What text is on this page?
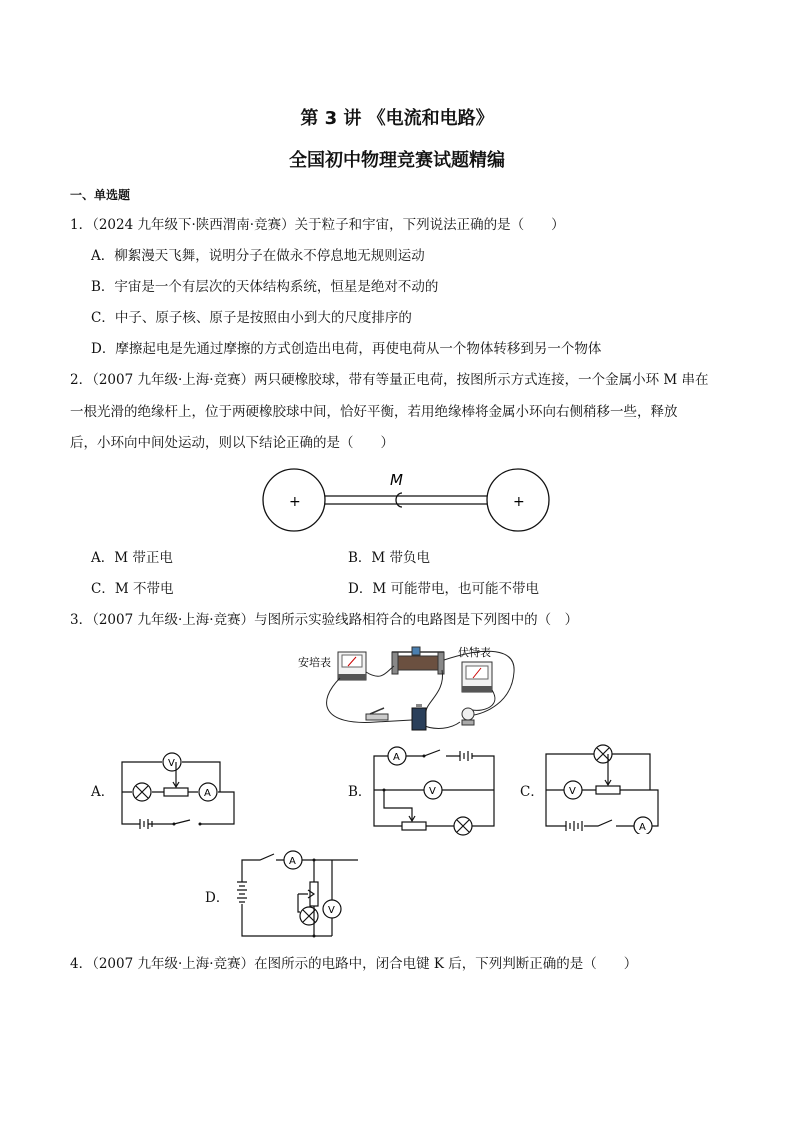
第 3 讲 《电流和电路》
全国初中物理竞赛试题精编
一、单选题
1．（2024 九年级下·陕西渭南·竞赛）关于粒子和宇宙，下列说法正确的是（　　）
A．柳絮漫天飞舞，说明分子在做永不停息地无规则运动
B．宇宙是一个有层次的天体结构系统，恒星是绝对不动的
C．中子、原子核、原子是按照由小到大的尺度排序的
D．摩擦起电是先通过摩擦的方式创造出电荷，再使电荷从一个物体转移到另一个物体
2．（2007 九年级·上海·竞赛）两只硬橡胶球，带有等量正电荷，按图所示方式连接，一个金属小环 M 串在
一根光滑的绝缘杆上，位于两硬橡胶球中间，恰好平衡，若用绝缘棒将金属小环向右侧稍移一些，释放
后，小环向中间处运动，则以下结论正确的是（　　）
M
+	+
A．M 带正电	B．M 带负电
C．M 不带电	D．M 可能带电，也可能不带电
3．（2007 九年级·上海·竞赛）与图所示实验线路相符合的电路图是下列图中的（　）
安培表
伏特表
A．
V
A	B．
A
V	C．	V
A
D．
A
V
4．（2007 九年级·上海·竞赛）在图所示的电路中，闭合电键 K 后，下列判断正确的是（　　）
